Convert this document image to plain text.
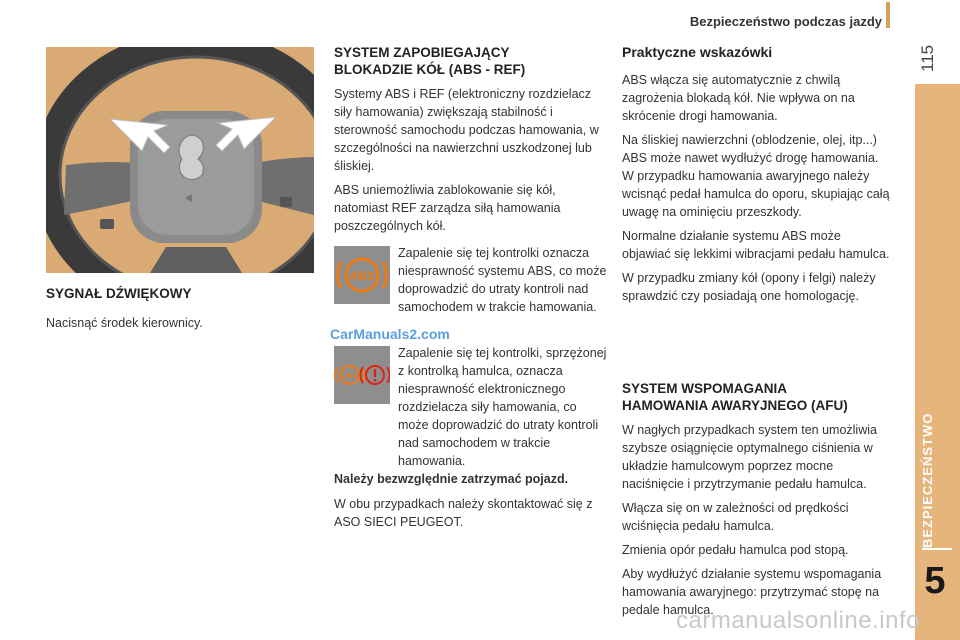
Bezpieczeństwo podczas jazdy
115
BEZPIECZEŃSTWO
5
SYGNAŁ DŹWIĘKOWY

Nacisnąć środek kierownicy.

SYSTEM ZAPOBIEGAJĄCY
BLOKADZIE KÓŁ (ABS - REF)

Systemy ABS i REF (elektroniczny rozdzielacz siły hamowania) zwiększają stabilność i sterowność samochodu podczas hamowania, w szczególności na nawierzchni uszkodzonej lub śliskiej.

ABS uniemożliwia zablokowanie się kół, natomiast REF zarządza siłą hamowania poszczególnych kół.

ABS
Zapalenie się tej kontrolki oznacza niesprawność systemu ABS, co może doprowadzić do utraty kontroli nad samochodem w trakcie hamowania.
CarManuals2.com
ABS
Zapalenie się tej kontrolki, sprzężonej z kontrolką hamulca, oznacza niesprawność elektronicznego rozdzielacza siły hamowania, co może doprowadzić do utraty kontroli nad samochodem w trakcie hamowania.

Należy bezwzględnie zatrzymać pojazd.

W obu przypadkach należy skontaktować się z ASO SIECI PEUGEOT.

Praktyczne wskazówki

ABS włącza się automatycznie z chwilą zagrożenia blokadą kół. Nie wpływa on na skrócenie drogi hamowania.

Na śliskiej nawierzchni (oblodzenie, olej, itp...) ABS może nawet wydłużyć drogę hamowania. W przypadku hamowania awaryjnego należy wcisnąć pedał hamulca do oporu, skupiając całą uwagę na ominięciu przeszkody.

Normalne działanie systemu ABS może objawiać się lekkimi wibracjami pedału hamulca.

W przypadku zmiany kół (opony i felgi) należy sprawdzić czy posiadają one homologację.

SYSTEM WSPOMAGANIA
HAMOWANIA AWARYJNEGO (AFU)

W nagłych przypadkach system ten umożliwia szybsze osiągnięcie optymalnego ciśnienia w układzie hamulcowym poprzez mocne naciśnięcie i przytrzymanie pedału hamulca.

Włącza się on w zależności od prędkości wciśnięcia pedału hamulca.

Zmienia opór pedału hamulca pod stopą.

Aby wydłużyć działanie systemu wspomagania hamowania awaryjnego: przytrzymać stopę na pedale hamulca.

carmanualsonline.info
